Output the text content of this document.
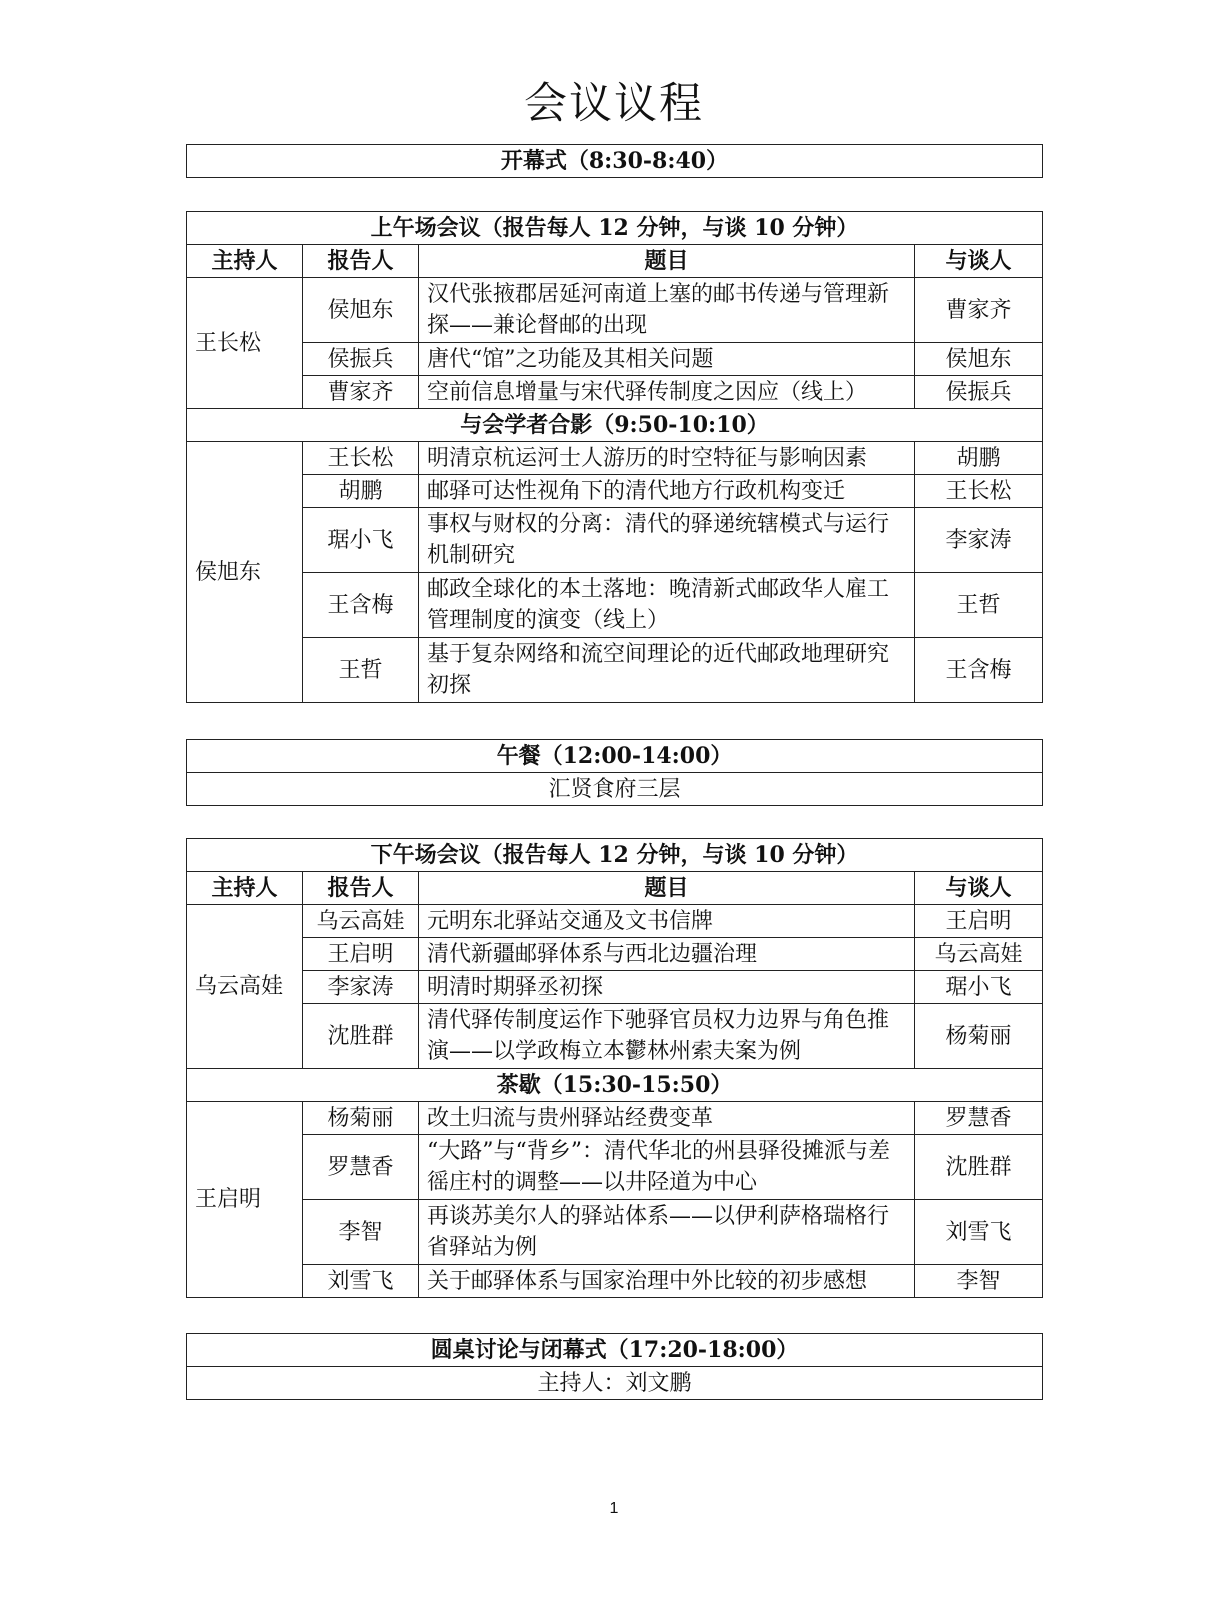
会议议程
开幕式（8:30-8:40）
上午场会议（报告每人 12 分钟，与谈 10 分钟）			
主持人	报告人	题目	与谈人
王长松	侯旭东	汉代张掖郡居延河南道上塞的邮书传递与管理新探——兼论督邮的出现	曹家齐
	侯振兵	唐代“馆”之功能及其相关问题	侯旭东
	曹家齐	空前信息增量与宋代驿传制度之因应（线上）	侯振兵
与会学者合影（9:50-10:10）			
侯旭东	王长松	明清京杭运河士人游历的时空特征与影响因素	胡鹏
	胡鹏	邮驿可达性视角下的清代地方行政机构变迁	王长松
	琚小飞	事权与财权的分离：清代的驿递统辖模式与运行机制研究	李家涛
	王含梅	邮政全球化的本土落地：晚清新式邮政华人雇工管理制度的演变（线上）	王哲
	王哲	基于复杂网络和流空间理论的近代邮政地理研究初探	王含梅
午餐（12:00-14:00）
汇贤食府三层
下午场会议（报告每人 12 分钟，与谈 10 分钟）			
主持人	报告人	题目	与谈人
乌云高娃	乌云高娃	元明东北驿站交通及文书信牌	王启明
	王启明	清代新疆邮驿体系与西北边疆治理	乌云高娃
	李家涛	明清时期驿丞初探	琚小飞
	沈胜群	清代驿传制度运作下驰驿官员权力边界与角色推演——以学政梅立本鬱林州索夫案为例	杨菊丽
茶歇（15:30-15:50）			
王启明	杨菊丽	改土归流与贵州驿站经费变革	罗慧香
	罗慧香	“大路”与“背乡”：清代华北的州县驿役摊派与差徭庄村的调整——以井陉道为中心	沈胜群
	李智	再谈苏美尔人的驿站体系——以伊利萨格瑞格行省驿站为例	刘雪飞
	刘雪飞	关于邮驿体系与国家治理中外比较的初步感想	李智
圆桌讨论与闭幕式（17:20-18:00）
主持人：刘文鹏
1
